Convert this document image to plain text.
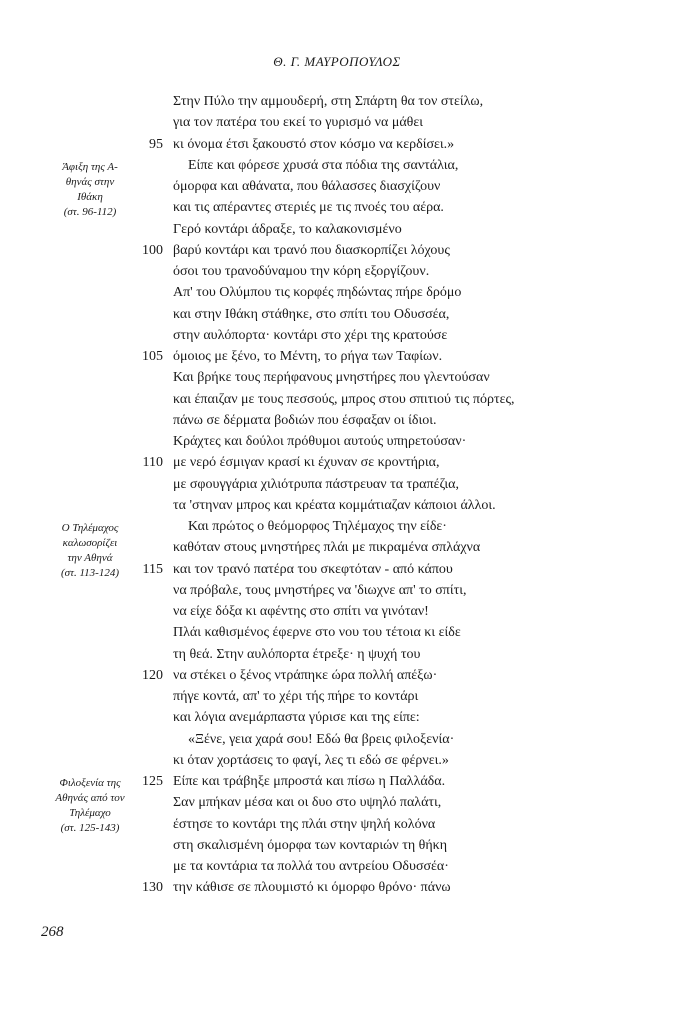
Θ. Γ. ΜΑΥΡΟΠΟΥΛΟΣ
Στην Πύλο την αμμουδερή, στη Σπάρτη θα τον στείλω,
για τον πατέρα του εκεί το γυρισμό να μάθει
κι όνομα έτσι ξακουστό στον κόσμο να κερδίσει.»
Είπε και φόρεσε χρυσά στα πόδια της σαντάλια,
όμορφα και αθάνατα, που θάλασσες διασχίζουν
και τις απέραντες στεριές με τις πνοές του αέρα.
Γερό κοντάρι άδραξε, το καλακονισμένο
βαρύ κοντάρι και τρανό που διασκορπίζει λόχους
όσοι του τρανοδύναμου την κόρη εξοργίζουν.
Απ' του Ολύμπου τις κορφές πηδώντας πήρε δρόμο
και στην Ιθάκη στάθηκε, στο σπίτι του Οδυσσέα,
στην αυλόπορτα· κοντάρι στο χέρι της κρατούσε
όμοιος με ξένο, το Μέντη, το ρήγα των Ταφίων.
Και βρήκε τους περήφανους μνηστήρες που γλεντούσαν
και έπαιζαν με τους πεσσούς, μπρος στου σπιτιού τις πόρτες,
πάνω σε δέρματα βοδιών που έσφαξαν οι ίδιοι.
Κράχτες και δούλοι πρόθυμοι αυτούς υπηρετούσαν·
με νερό έσμιγαν κρασί κι έχυναν σε κροντήρια,
με σφουγγάρια χιλιότρυπα πάστρευαν τα τραπέζια,
τα 'στηναν μπρος και κρέατα κομμάτιαζαν κάποιοι άλλοι.
Και πρώτος ο θεόμορφος Τηλέμαχος την είδε·
καθόταν στους μνηστήρες πλάι με πικραμένα σπλάχνα
και τον τρανό πατέρα του σκεφτόταν - από κάπου
να πρόβαλε, τους μνηστήρες να 'διωχνε απ' το σπίτι,
να είχε δόξα κι αφέντης στο σπίτι να γινόταν!
Πλάι καθισμένος έφερνε στο νου του τέτοια κι είδε
τη θεά. Στην αυλόπορτα έτρεξε· η ψυχή του
να στέκει ο ξένος ντράπηκε ώρα πολλή απέξω·
πήγε κοντά, απ' το χέρι τής πήρε το κοντάρι
και λόγια ανεμάρπαστα γύρισε και της είπε:
«Ξένε, γεια χαρά σου! Εδώ θα βρεις φιλοξενία·
κι όταν χορτάσεις το φαγί, λες τι εδώ σε φέρνει.»
Είπε και τράβηξε μπροστά και πίσω η Παλλάδα.
Σαν μπήκαν μέσα και οι δυο στο υψηλό παλάτι,
έστησε το κοντάρι της πλάι στην ψηλή κολόνα
στη σκαλισμένη όμορφα των κονταριών τη θήκη
με τα κοντάρια τα πολλά του αντρείου Οδυσσέα·
την κάθισε σε πλουμιστό κι όμορφο θρόνο· πάνω
95
100
105
110
115
120
125
130
Άφιξη της Α-
θηνάς στην
Ιθάκη
(στ. 96-112)
Ο Τηλέμαχος
καλωσορίζει
την Αθηνά
(στ. 113-124)
Φιλοξενία της
Αθηνάς από τον
Τηλέμαχο
(στ. 125-143)
268
